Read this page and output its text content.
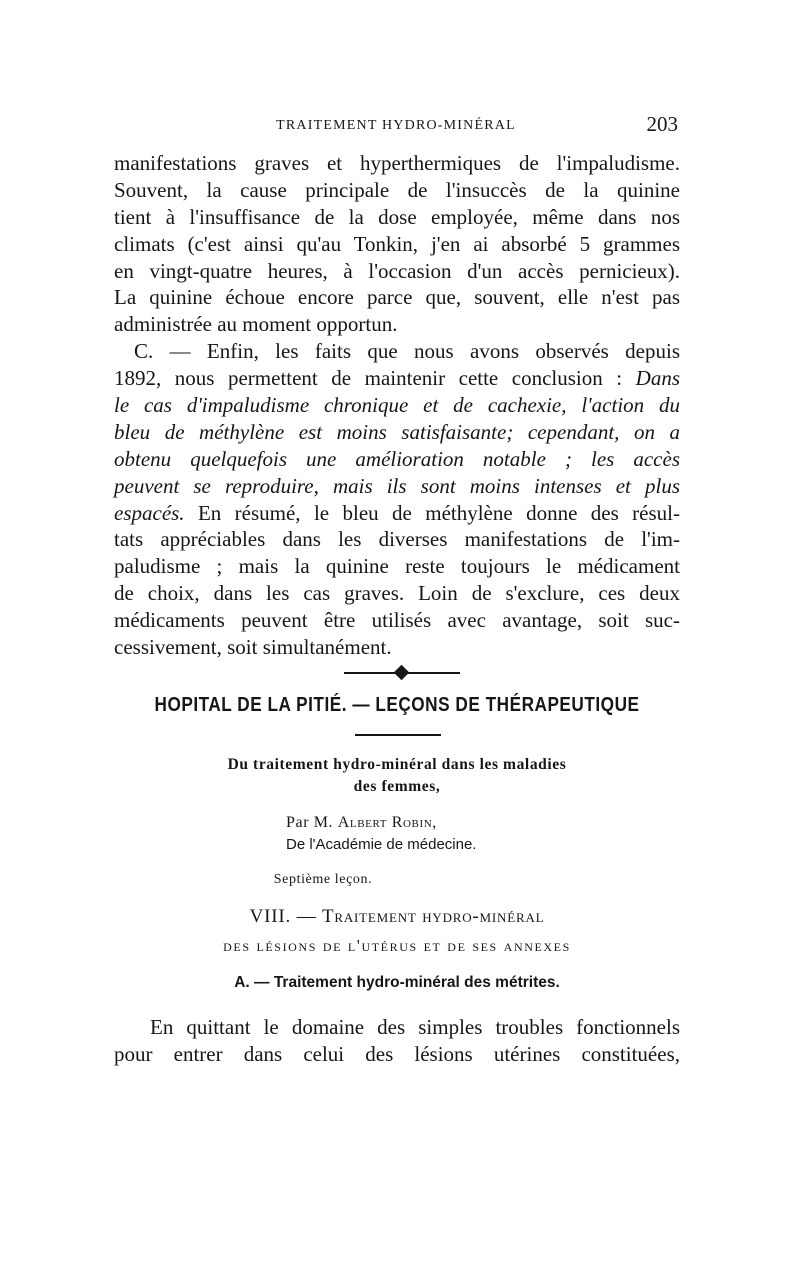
TRAITEMENT HYDRO-MINÉRAL	203
manifestations graves et hyperthermiques de l'impaludisme.
Souvent, la cause principale de l'insuccès de la quinine
tient à l'insuffisance de la dose employée, même dans nos
climats (c'est ainsi qu'au Tonkin, j'en ai absorbé 5 grammes
en vingt-quatre heures, à l'occasion d'un accès pernicieux).
La quinine échoue encore parce que, souvent, elle n'est pas
administrée au moment opportun.
C. — Enfin, les faits que nous avons observés depuis
1892, nous permettent de maintenir cette conclusion : Dans
le cas d'impaludisme chronique et de cachexie, l'action du
bleu de méthylène est moins satisfaisante; cependant, on a
obtenu quelquefois une amélioration notable ; les accès
peuvent se reproduire, mais ils sont moins intenses et plus
espacés. En résumé, le bleu de méthylène donne des résul-
tats appréciables dans les diverses manifestations de l'im-
paludisme ; mais la quinine reste toujours le médicament
de choix, dans les cas graves. Loin de s'exclure, ces deux
médicaments peuvent être utilisés avec avantage, soit suc-
cessivement, soit simultanément.
HOPITAL DE LA PITIÉ. — LEÇONS DE THÉRAPEUTIQUE
Du traitement hydro-minéral dans les maladies
des femmes,
Par M. Albert Robin,
De l'Académie de médecine.
Septième leçon.
VIII. — Traitement hydro-minéral
des lésions de l'utérus et de ses annexes
A. — Traitement hydro-minéral des métrites.
En quittant le domaine des simples troubles fonctionnels
pour entrer dans celui des lésions utérines constituées,
